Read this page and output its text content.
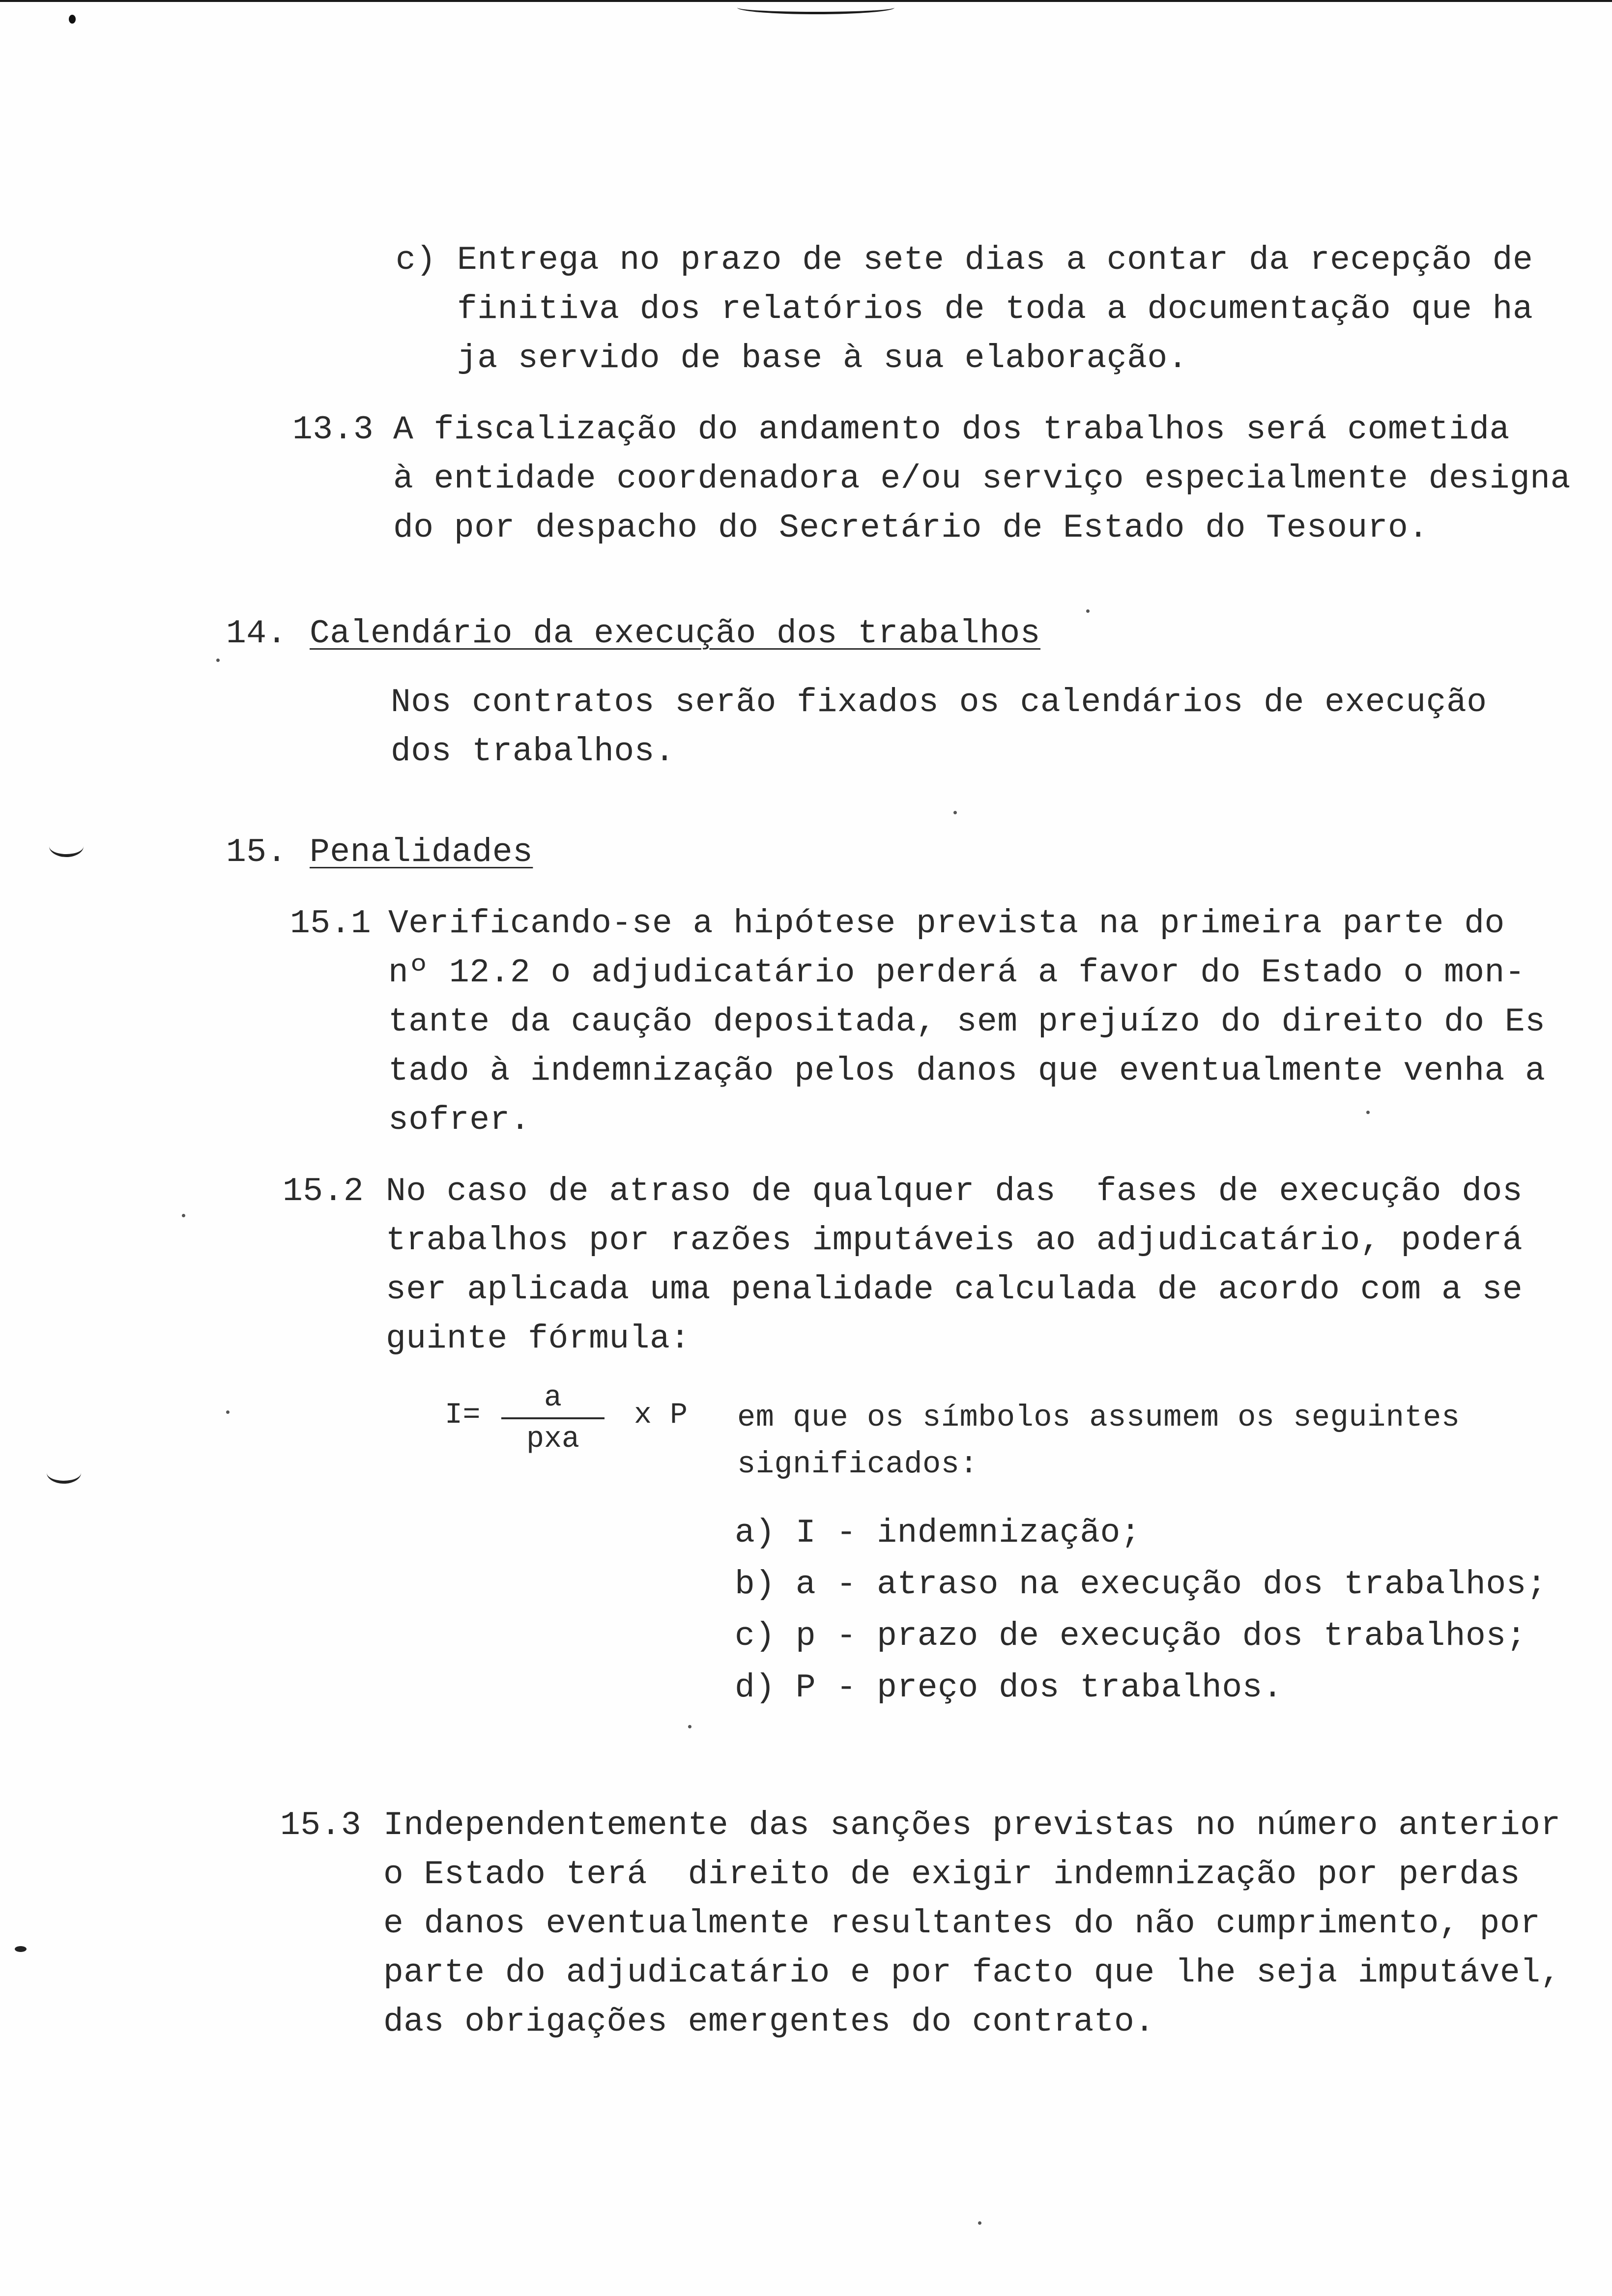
c) Entrega no prazo de sete dias a contar da recepção de
finitiva dos relatórios de toda a documentação que ha
ja servido de base à sua elaboração.
13.3 A fiscalização do andamento dos trabalhos será cometida
à entidade coordenadora e/ou serviço especialmente designa
do por despacho do Secretário de Estado do Tesouro.
14. Calendário da execução dos trabalhos
Nos contratos serão fixados os calendários de execução
dos trabalhos.
15. Penalidades
15.1 Verificando-se a hipótese prevista na primeira parte do
nº 12.2 o adjudicatário perderá a favor do Estado o mon-
tante da caução depositada, sem prejuízo do direito do Es
tado à indemnização pelos danos que eventualmente venha a
sofrer.
15.2 No caso de atraso de qualquer das  fases de execução dos
trabalhos por razões imputáveis ao adjudicatário, poderá
ser aplicada uma penalidade calculada de acordo com a se
guinte fórmula:
I=
a
pxa
x P em que os símbolos assumem os seguintes
significados:
a) I - indemnização;
b) a - atraso na execução dos trabalhos;
c) p - prazo de execução dos trabalhos;
d) P - preço dos trabalhos.
15.3 Independentemente das sanções previstas no número anterior
o Estado terá  direito de exigir indemnização por perdas
e danos eventualmente resultantes do não cumprimento, por
parte do adjudicatário e por facto que lhe seja imputável,
das obrigações emergentes do contrato.
